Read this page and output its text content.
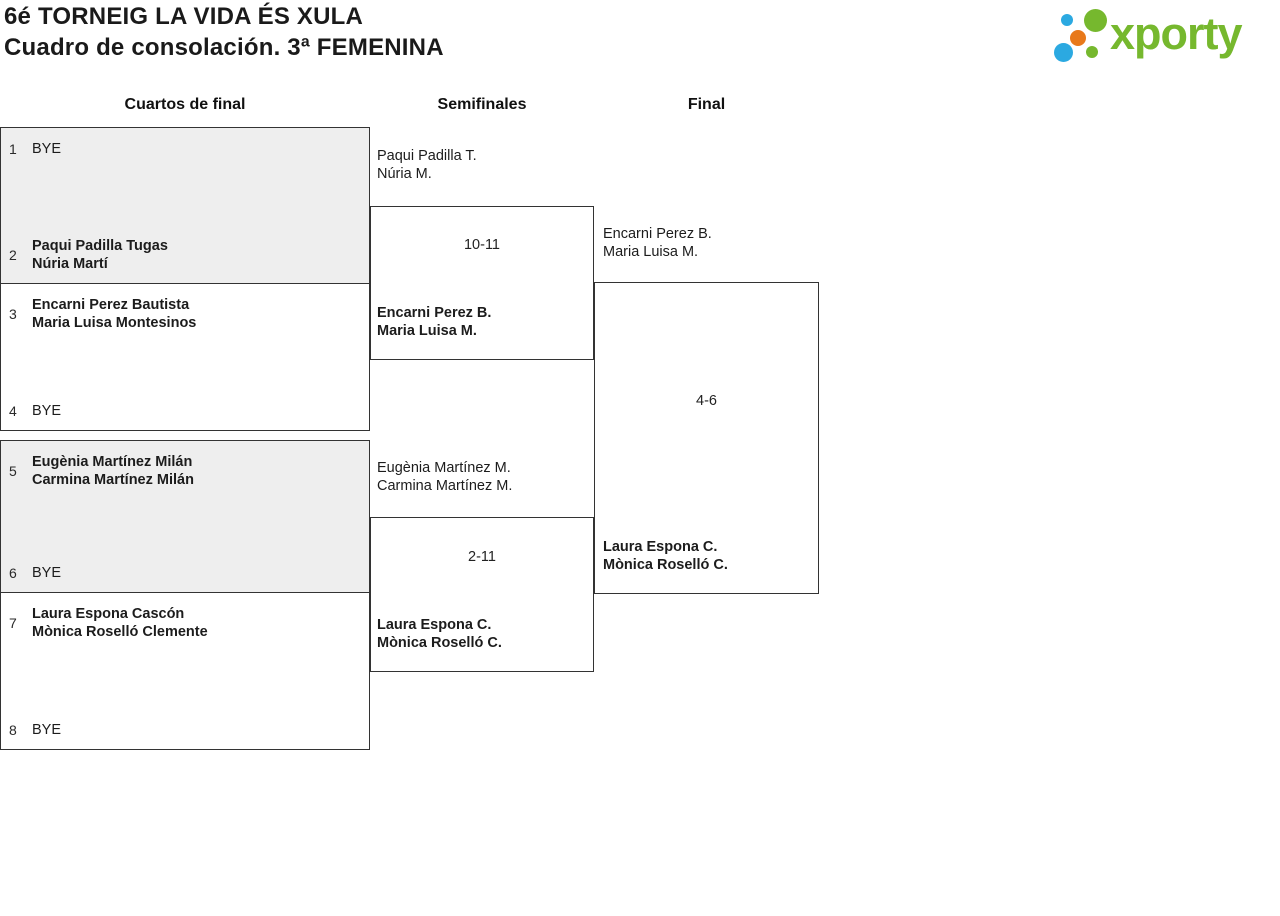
6é TORNEIG LA VIDA ÉS XULA
Cuadro de consolación. 3ª FEMENINA	xporty
Cuartos de final	Semifinales	Final
1	BYE
2
Paqui Padilla Tugas
Núria Martí
3
Encarni Perez Bautista
Maria Luisa Montesinos
4	BYE
5
Eugènia Martínez Milán
Carmina Martínez Milán
6	BYE
7
Laura Espona Cascón
Mònica Roselló Clemente
8	BYE
Paqui Padilla T.
Núria M.
10-11
Encarni Perez B.
Maria Luisa M.
Eugènia Martínez M.
Carmina Martínez M.
2-11
Laura Espona C.
Mònica Roselló C.
Encarni Perez B.
Maria Luisa M.
4-6
Laura Espona C.
Mònica Roselló C.
